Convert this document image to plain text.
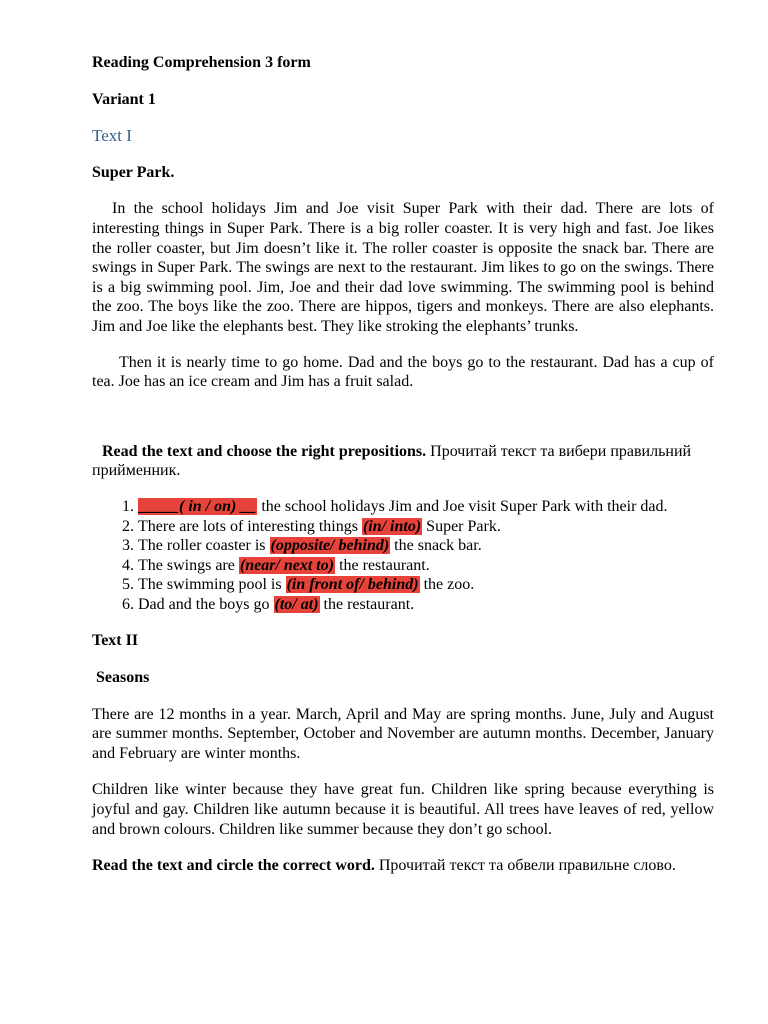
Reading Comprehension 3 form

Variant 1

Text I

Super Park.

In the school holidays Jim and Joe visit Super Park with their dad. There are lots of interesting things in Super Park. There is a big roller coaster. It is very high and fast. Joe likes the roller coaster, but Jim doesn’t like it. The roller coaster is opposite the snack bar. There are swings in Super Park. The swings are next to the restaurant. Jim likes to go on the swings. There is a big swimming pool. Jim, Joe and their dad love swimming. The swimming pool is behind the zoo. The boys like the zoo. There are hippos, tigers and monkeys. There are also elephants. Jim and Joe like the elephants best. They like stroking the elephants’ trunks.

Then it is nearly time to go home. Dad and the boys go to the restaurant. Dad has a cup of tea. Joe has an ice cream and Jim has a fruit salad.

Read the text and choose the right prepositions. Прочитай текст та вибери правильний прийменник.

1. _____( in / on) __ the school holidays Jim and Joe visit Super Park with their dad.
2. There are lots of interesting things (in/ into) Super Park.
3. The roller coaster is (opposite/ behind) the snack bar.
4. The swings are (near/ next to) the restaurant.
5. The swimming pool is (in front of/ behind) the zoo.
6. Dad and the boys go (to/ at) the restaurant.

Text II

Seasons

There are 12 months in a year. March, April and May are spring months. June, July and August are summer months. September, October and November are autumn months. December, January and February are winter months.

Children like winter because they have great fun. Children like spring because everything is joyful and gay. Children like autumn because it is beautiful. All trees have leaves of red, yellow and brown colours. Children like summer because they don’t go school.

Read the text and circle the correct word. Прочитай текст та обвели правильне слово.
